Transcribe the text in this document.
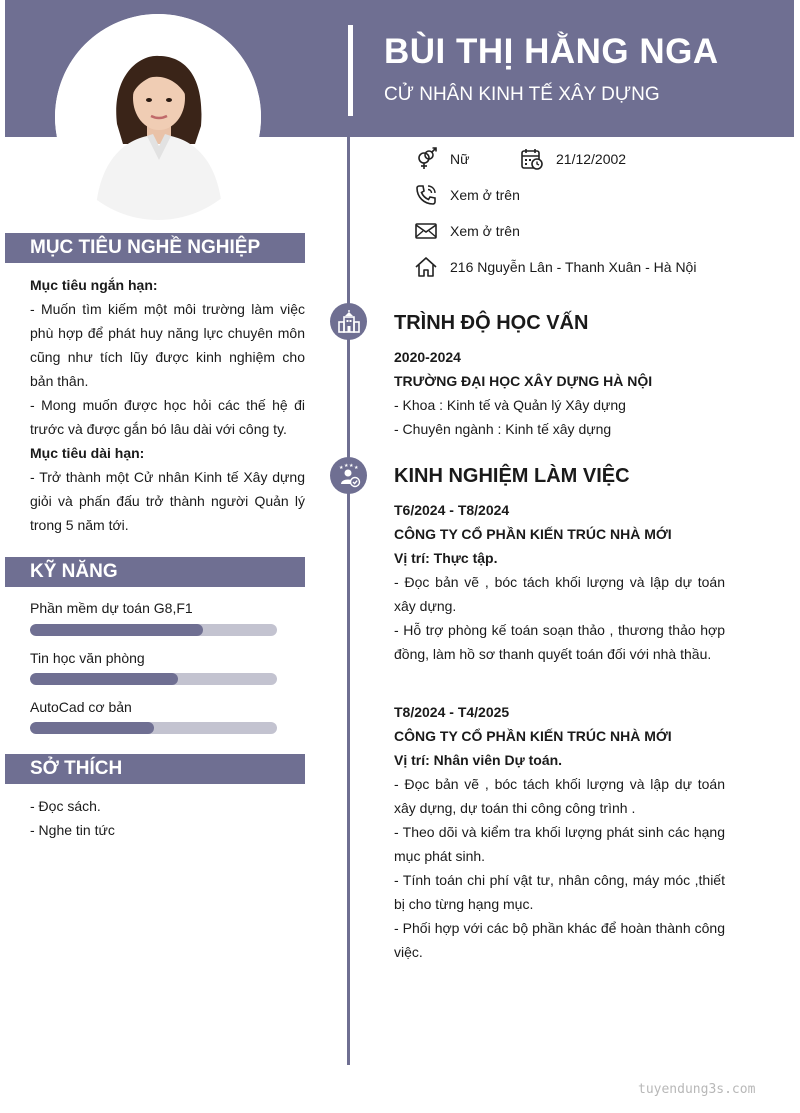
BÙI THỊ HẰNG NGA
CỬ NHÂN KINH TẾ XÂY DỰNG
Nữ	21/12/2002
Xem ở trên
Xem ở trên
216 Nguyễn Lân - Thanh Xuân - Hà Nội
MỤC TIÊU NGHỀ NGHIỆP

Mục tiêu ngắn hạn:

- Muốn tìm kiếm một môi trường làm việc phù hợp để phát huy năng lực chuyên môn cũng như tích lũy được kinh nghiệm cho bản thân.

- Mong muốn được học hỏi các thế hệ đi trước và được gắn bó lâu dài với công ty.

Mục tiêu dài hạn:

- Trở thành một Cử nhân Kinh tế Xây dựng giỏi và phấn đấu trở thành người Quản lý trong 5 năm tới.

KỸ NĂNG
Phần mềm dự toán G8,F1
Tin học văn phòng
AutoCad cơ bản
SỞ THÍCH
- Đọc sách.
- Nghe tin tức
★ ★ ★ ★
TRÌNH ĐỘ HỌC VẤN
2020-2024
TRƯỜNG ĐẠI HỌC XÂY DỰNG HÀ NỘI
- Khoa : Kinh tế và Quản lý Xây dựng
- Chuyên ngành : Kinh tế xây dựng
KINH NGHIỆM LÀM VIỆC
T6/2024 - T8/2024
CÔNG TY CỔ PHẦN KIẾN TRÚC NHÀ MỚI
Vị trí: Thực tập.
- Đọc bản vẽ , bóc tách khối lượng và lập dự toán xây dựng.
- Hỗ trợ phòng kế toán soạn thảo , thương thảo hợp đồng, làm hồ sơ thanh quyết toán đối với nhà thầu.
T8/2024 - T4/2025
CÔNG TY CỔ PHẦN KIẾN TRÚC NHÀ MỚI
Vị trí: Nhân viên Dự toán.
- Đọc bản vẽ , bóc tách khối lượng và lập dự toán xây dựng, dự toán thi công công trình .
- Theo dõi và kiểm tra khối lượng phát sinh các hạng mục phát sinh.
- Tính toán chi phí vật tư, nhân công, máy móc ,thiết bị cho từng hạng mục.
- Phối hợp với các bộ phần khác để hoàn thành công việc.
tuyendung3s.com
